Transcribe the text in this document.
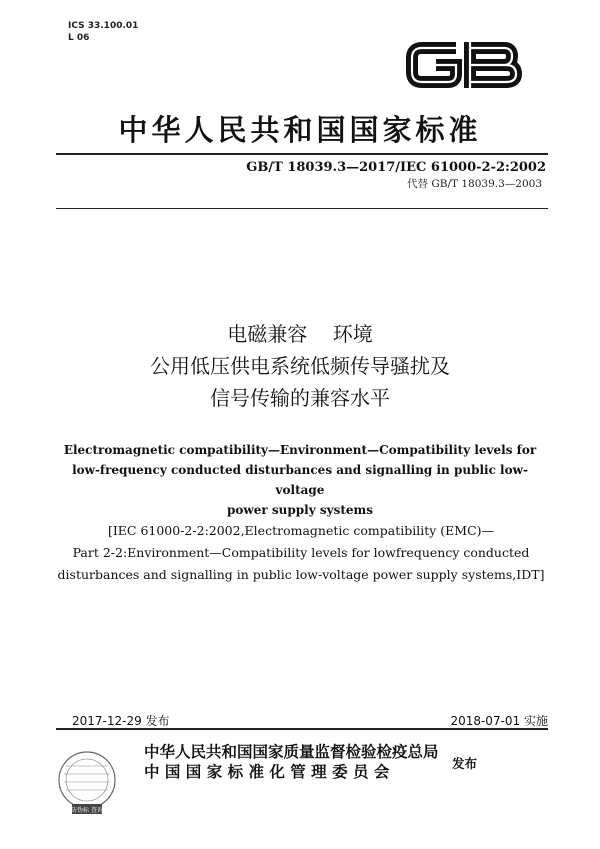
ICS 33.100.01
L 06
中华人民共和国国家标准
GB/T 18039.3—2017/IEC 61000-2-2:2002
代替 GB/T 18039.3—2003
电磁兼容    环境
公用低压供电系统低频传导骚扰及
信号传输的兼容水平
Electromagnetic compatibility—Environment—Compatibility levels for
low-frequency conducted disturbances and signalling in public low-voltage
power supply systems
[IEC 61000-2-2:2002,Electromagnetic compatibility (EMC)—
Part 2-2:Environment—Compatibility levels for lowfrequency conducted
disturbances and signalling in public low-voltage power supply systems,IDT]
2017-12-29 发布	2018-07-01 实施
防伪标 查询
中华人民共和国国家质量监督检验检疫总局
中 国 国 家 标 准 化 管 理 委 员 会	发布
